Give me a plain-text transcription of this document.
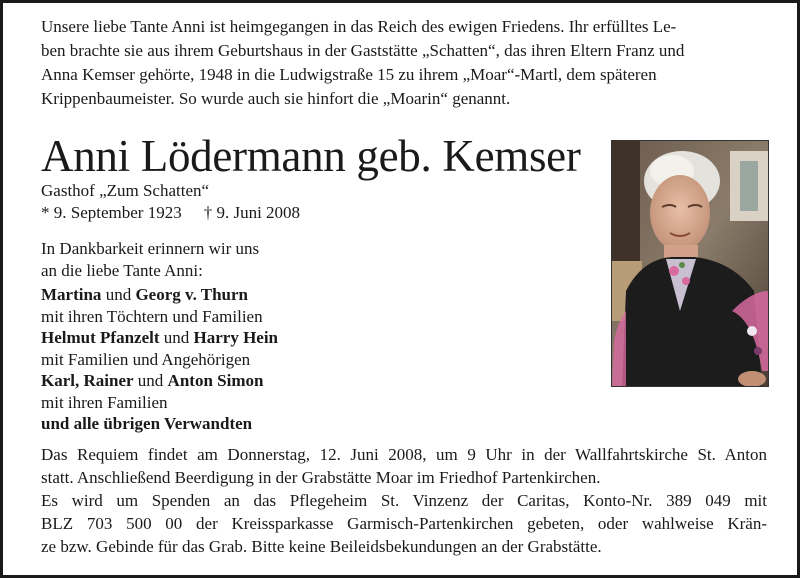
Unsere liebe Tante Anni ist heimgegangen in das Reich des ewigen Friedens. Ihr erfülltes Le-
ben brachte sie aus ihrem Geburtshaus in der Gaststätte „Schatten“, das ihren Eltern Franz und
Anna Kemser gehörte, 1948 in die Ludwigstraße 15 zu ihrem „Moar“-Martl, dem späteren
Krippenbaumeister. So wurde auch sie hinfort die „Moarin“ genannt.
Anni Lödermann geb. Kemser
Gasthof „Zum Schatten“
* 9. September 1923 † 9. Juni 2008
In Dankbarkeit erinnern wir uns
an die liebe Tante Anni:
Martina und Georg v. Thurn
mit ihren Töchtern und Familien
Helmut Pfanzelt und Harry Hein
mit Familien und Angehörigen
Karl, Rainer und Anton Simon
mit ihren Familien
und alle übrigen Verwandten
Das Requiem findet am Donnerstag, 12. Juni 2008, um 9 Uhr in der Wallfahrtskirche St. Anton
statt. Anschließend Beerdigung in der Grabstätte Moar im Friedhof Partenkirchen.
Es wird um Spenden an das Pflegeheim St. Vinzenz der Caritas, Konto-Nr. 389 049 mit
BLZ 703 500 00 der Kreissparkasse Garmisch-Partenkirchen gebeten, oder wahlweise Krän-
ze bzw. Gebinde für das Grab. Bitte keine Beileidsbekundungen an der Grabstätte.
